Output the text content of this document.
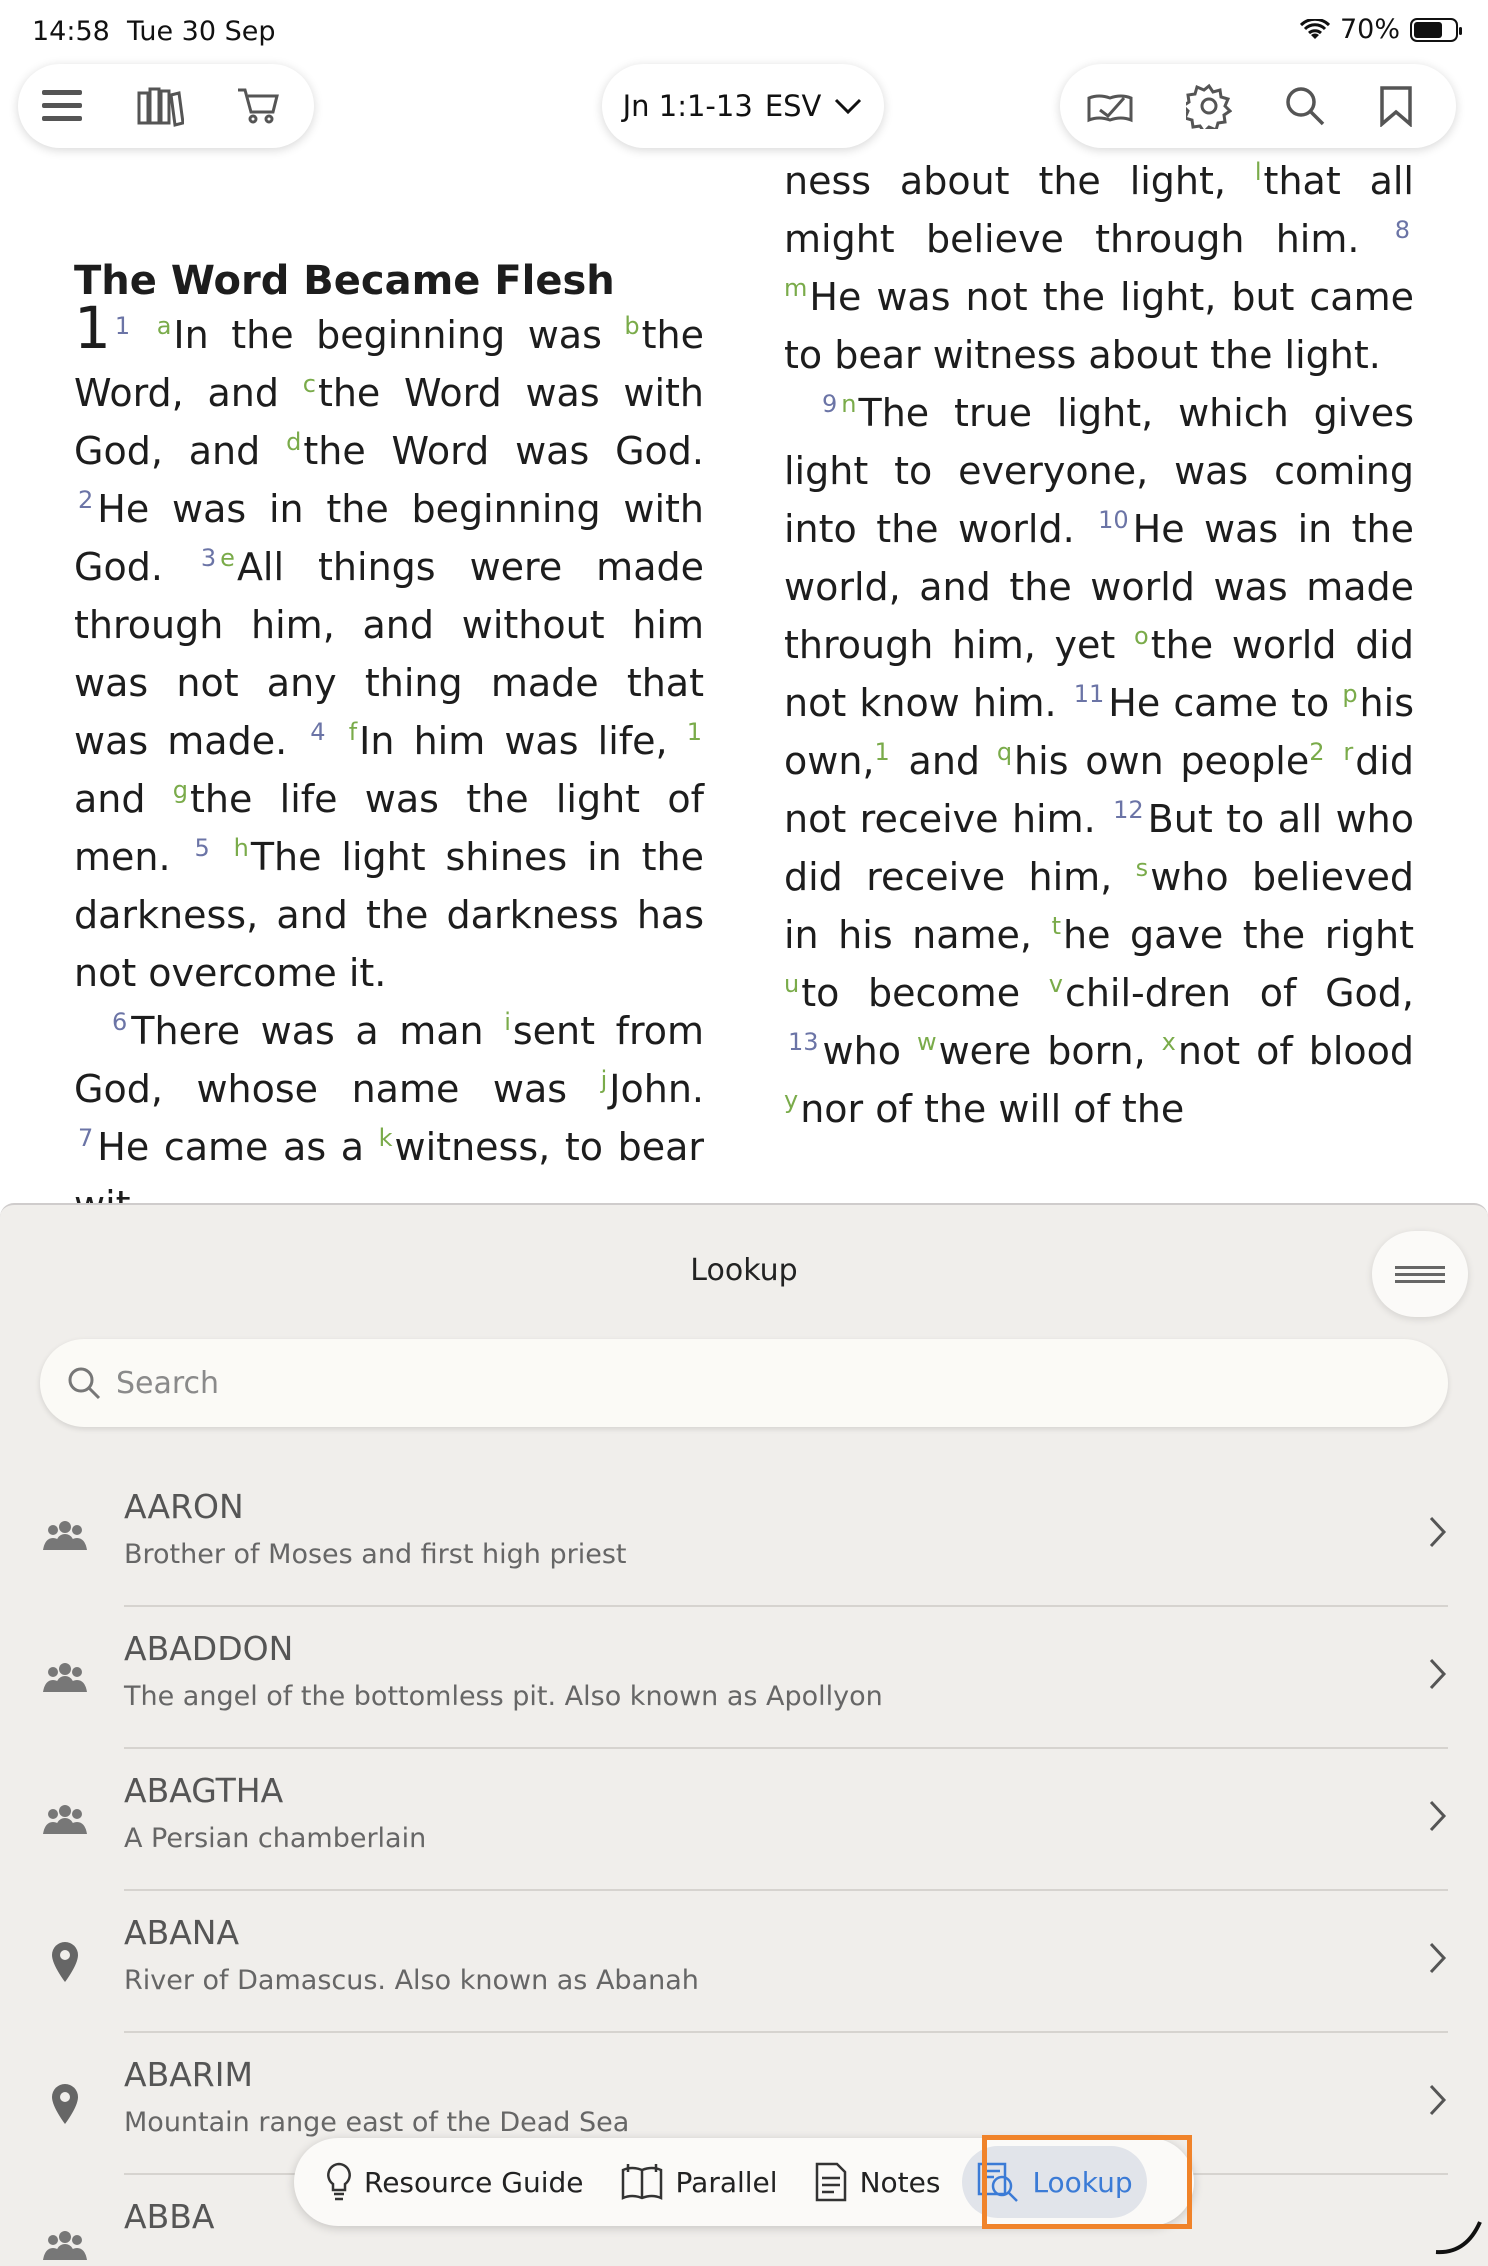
14:58 Tue 30 Sep	70%
Jn 1:1-13 ESV
The Word Became Flesh

1 $^1$ $^a$In the beginning was $^b$the Word, and $^c$the Word was with God, and $^d$the Word was God. $^2$ He was in the beginning with God. $^3$ $^e$All things were made through him, and without him was not any thing made that was made. $^4$ $^f$In him was life, $^1$ and $^g$the life was the light of men. $^5$ $^h$The light shines in the darkness, and the darkness has not overcome it.

$^6$ There was a man $^i$sent from God, whose name was $^j$John. $^7$ He came as a $^k$witness, to bear

ness about the light, $^l$that all might believe through him. $^8$ $^m$He was not the light, but came to bear witness about the light.

$^9$ $^n$The true light, which gives light to everyone, was coming into the world. $^{10}$ He was in the world, and the world was made through him, yet $^o$the world did not know him. $^{11}$ He came to $^p$his own,$^1$ and $^q$his own people$^2$ $^r$did not receive him. $^{12}$ But to all who did receive him, $^s$who believed in his name, $^t$he gave the right $^u$to become $^v$chil-dren of God, $^{13}$ who $^w$were born, $^x$not of blood $^y$nor of the will of the

Lookup
Search
AARON
Brother of Moses and first high priest
ABADDON
The angel of the bottomless pit. Also known as Apollyon
ABAGTHA
A Persian chamberlain
ABANA
River of Damascus. Also known as Abanah
ABARIM
Mountain range east of the Dead Sea
ABBA
Resource Guide	Parallel	Notes	Lookup
